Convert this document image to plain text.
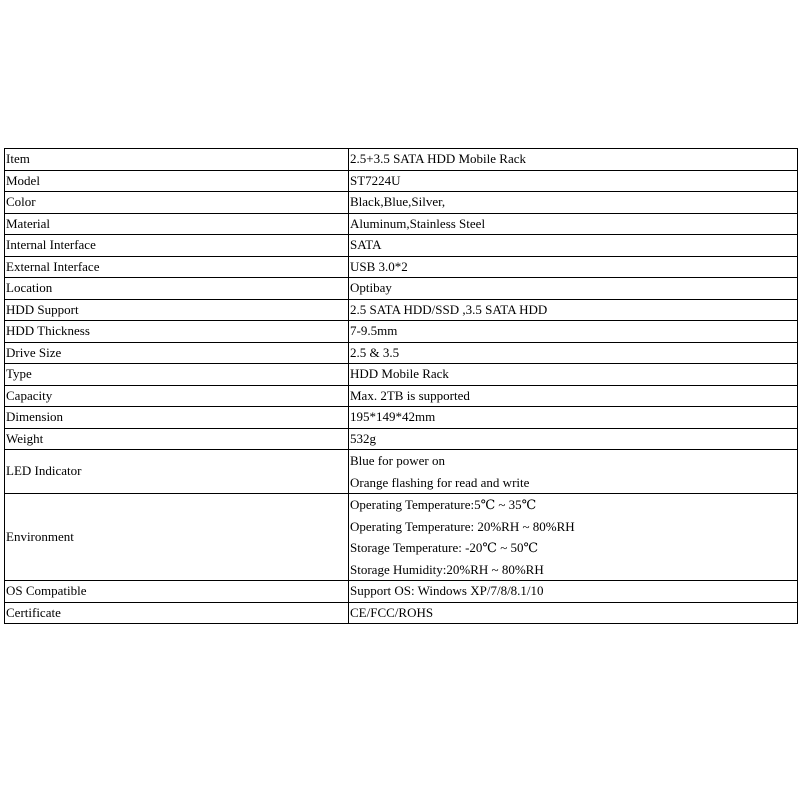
Item	2.5+3.5 SATA HDD Mobile Rack
Model	ST7224U
Color	Black,Blue,Silver,
Material	Aluminum,Stainless Steel
Internal Interface	SATA
External Interface	USB 3.0*2
Location	Optibay
HDD Support	2.5 SATA HDD/SSD ,3.5 SATA HDD
HDD Thickness	7-9.5mm
Drive Size	2.5 & 3.5
Type	HDD Mobile Rack
Capacity	Max. 2TB is supported
Dimension	195*149*42mm
Weight	532g
LED Indicator	Blue for power on
Orange flashing for read and write

Environment	Operating Temperature:5℃ ~ 35℃
Operating Temperature: 20%RH ~ 80%RH
Storage Temperature: -20℃ ~ 50℃
Storage Humidity:20%RH ~ 80%RH

OS Compatible	Support OS: Windows XP/7/8/8.1/10
Certificate	CE/FCC/ROHS
